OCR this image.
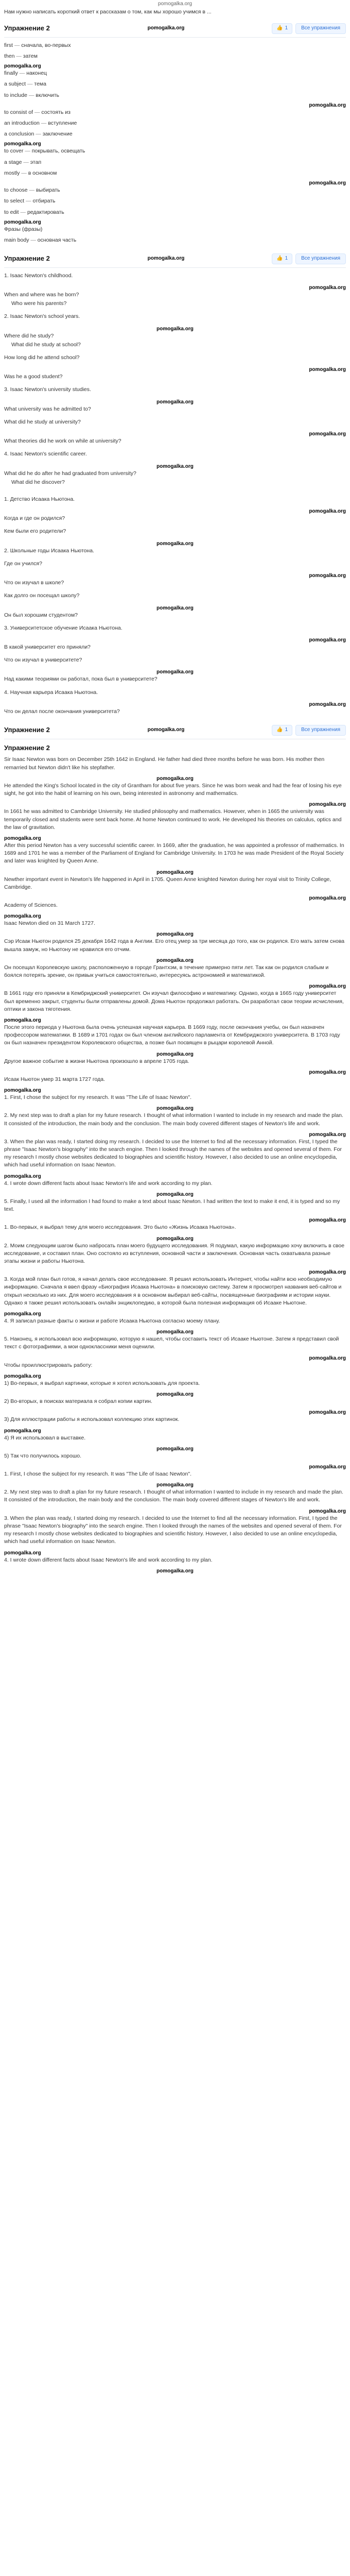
pomogalka.org

Нам нужно написать короткий ответ к рассказам о том, как мы хорошо учимся в ...

Упражнение 2	pomogalka.org	👍 1	Все упражнения

first — сначала, во-первых

then — затем

pomogalka.org

finally — наконец

a subject — тема

to include — включить

pomogalka.org

to consist of — состоять из

an introduction — вступление

a conclusion — заключение

pomogalka.org

to cover — покрывать, освещать

a stage — этап

mostly — в основном

pomogalka.org

to choose — выбирать

to select — отбирать

to edit — редактировать

pomogalka.org

Фразы (фразы)

main body — основная часть

Упражнение 2	pomogalka.org	👍 1	Все упражнения

1. Isaac Newton's childhood.

pomogalka.org

When and where was he born?

Who were his parents?

2. Isaac Newton's school years.

pomogalka.org

Where did he study?

What did he study at school?

How long did he attend school?

pomogalka.org

Was he a good student?

3. Isaac Newton's university studies.

pomogalka.org

What university was he admitted to?

What did he study at university?

pomogalka.org

What theories did he work on while at university?

4. Isaac Newton's scientific career.

pomogalka.org

What did he do after he had graduated from university?

What did he discover?

1. Детство Исаака Ньютона.

pomogalka.org

Когда и где он родился?

Кем были его родители?

pomogalka.org

2. Школьные годы Исаака Ньютона.

Где он учился?

pomogalka.org

Что он изучал в школе?

Как долго он посещал школу?

pomogalka.org

Он был хорошим студентом?

3. Университетское обучение Исаака Ньютона.

pomogalka.org

В какой университет его приняли?

Что он изучал в университете?

pomogalka.org

Над какими теориями он работал, пока был в университете?

4. Научная карьера Исаака Ньютона.

pomogalka.org

Что он делал после окончания университета?

Упражнение 2	pomogalka.org	👍 1	Все упражнения
Упражнение 2

Sir Isaac Newton was born on December 25th 1642 in England. He father had died three months before he was born. His mother then remarried but Newton didn't like his stepfather.

pomogalka.org

He attended the King's School located in the city of Grantham for about five years. Since he was born weak and had the fear of losing his eye sight, he got into the habit of learning on his own, being interested in astronomy and mathematics.

pomogalka.org

In 1661 he was admitted to Cambridge University. He studied philosophy and mathematics. However, when in 1665 the university was temporarily closed and students were sent back home. At home Newton continued to work. He developed his theories on calculus, optics and the law of gravitation.

pomogalka.org

After this period Newton has a very successful scientific career. In 1669, after the graduation, he was appointed a professor of mathematics. In 1689 and 1701 he was a member of the Parliament of England for Cambridge University. In 1703 he was made President of the Royal Society and later was knighted by Queen Anne.

pomogalka.org

Newther important event in Newton's life happened in April in 1705. Queen Anne knighted Newton during her royal visit to Trinity College, Cambridge.

pomogalka.org

Academy of Sciences.

pomogalka.org

Isaac Newton died on 31 March 1727.

pomogalka.org

Сэр Исаак Ньютон родился 25 декабря 1642 года в Англии. Его отец умер за три месяца до того, как он родился. Его мать затем снова вышла замуж, но Ньютону не нравился его отчим.

pomogalka.org

Он посещал Королевскую школу, расположенную в городе Грантхэм, в течение примерно пяти лет. Так как он родился слабым и боялся потерять зрение, он привык учиться самостоятельно, интересуясь астрономией и математикой.

pomogalka.org

В 1661 году его приняли в Кембриджский университет. Он изучал философию и математику. Однако, когда в 1665 году университет был временно закрыт, студенты были отправлены домой. Дома Ньютон продолжал работать. Он разработал свои теории исчисления, оптики и закона тяготения.

pomogalka.org

После этого периода у Ньютона была очень успешная научная карьера. В 1669 году, после окончания учебы, он был назначен профессором математики. В 1689 и 1701 годах он был членом английского парламента от Кембриджского университета. В 1703 году он был назначен президентом Королевского общества, а позже был посвящен в рыцари королевой Анной.

pomogalka.org

Другое важное событие в жизни Ньютона произошло в апреле 1705 года.

pomogalka.org

Исаак Ньютон умер 31 марта 1727 года.

pomogalka.org

1. First, I chose the subject for my research. It was "The Life of Isaac Newton".

pomogalka.org

2. My next step was to draft a plan for my future research. I thought of what information I wanted to include in my research and made the plan. It consisted of the introduction, the main body and the conclusion. The main body covered different stages of Newton's life and work.

pomogalka.org

3. When the plan was ready, I started doing my research. I decided to use the Internet to find all the necessary information. First, I typed the phrase "Isaac Newton's biography" into the search engine. Then I looked through the names of the websites and opened several of them. For my research I mostly chose websites dedicated to biographies and scientific history. However, I also decided to use an online encyclopedia, which had useful information on Isaac Newton.

pomogalka.org

4. I wrote down different facts about Isaac Newton's life and work according to my plan.

pomogalka.org

5. Finally, I used all the information I had found to make a text about Isaac Newton. I had written the text to make it end, it is typed and so my text.

pomogalka.org

1. Во-первых, я выбрал тему для моего исследования. Это было «Жизнь Исаака Ньютона».

pomogalka.org

2. Моим следующим шагом было набросать план моего будущего исследования. Я подумал, какую информацию хочу включить в свое исследование, и составил план. Оно состояло из вступления, основной части и заключения. Основная часть охватывала разные этапы жизни и работы Ньютона.

pomogalka.org

3. Когда мой план был готов, я начал делать свое исследование. Я решил использовать Интернет, чтобы найти всю необходимую информацию. Сначала я ввел фразу «Биография Исаака Ньютона» в поисковую систему. Затем я просмотрел названия веб-сайтов и открыл несколько из них. Для моего исследования я в основном выбирал веб-сайты, посвященные биографиям и истории науки. Однако я также решил использовать онлайн энциклопедию, в которой была полезная информация об Исааке Ньютоне.

pomogalka.org

4. Я записал разные факты о жизни и работе Исаака Ньютона согласно моему плану.

pomogalka.org

5. Наконец, я использовал всю информацию, которую я нашел, чтобы составить текст об Исааке Ньютоне. Затем я представил свой текст с фотографиями, а мои одноклассники меня оценили.

pomogalka.org

Чтобы проиллюстрировать работу:

pomogalka.org

1) Во-первых, я выбрал картинки, которые я хотел использовать для проекта.

pomogalka.org

2) Во-вторых, в поисках материала я собрал копии картин.

pomogalka.org

3) Для иллюстрации работы я использовал коллекцию этих картинок.

pomogalka.org

4) Я их использовал в выставке.

pomogalka.org

5) Так что получилось хорошо.

pomogalka.org

1. First, I chose the subject for my research. It was "The Life of Isaac Newton".

pomogalka.org

2. My next step was to draft a plan for my future research. I thought of what information I wanted to include in my research and made the plan. It consisted of the introduction, the main body and the conclusion. The main body covered different stages of Newton's life and work.

pomogalka.org

3. When the plan was ready, I started doing my research. I decided to use the Internet to find all the necessary information. First, I typed the phrase "Isaac Newton's biography" into the search engine. Then I looked through the names of the websites and opened several of them. For my research I mostly chose websites dedicated to biographies and scientific history. However, I also decided to use an online encyclopedia, which had useful information on Isaac Newton.

pomogalka.org

4. I wrote down different facts about Isaac Newton's life and work according to my plan.

pomogalka.org
